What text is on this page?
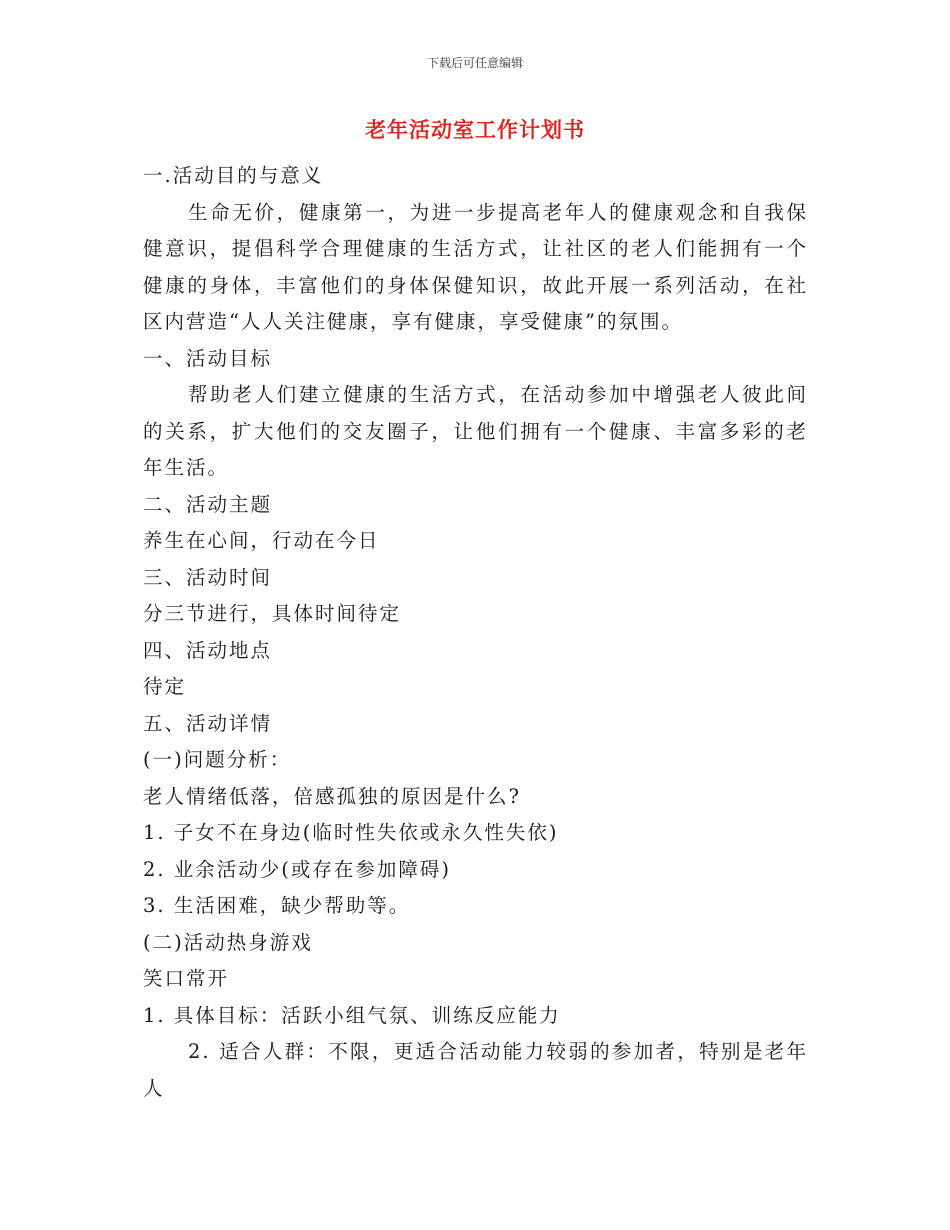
下载后可任意编辑
老年活动室工作计划书

一.活动目的与意义

生命无价，健康第一，为进一步提高老年人的健康观念和自我保健意识，提倡科学合理健康的生活方式，让社区的老人们能拥有一个健康的身体，丰富他们的身体保健知识，故此开展一系列活动，在社区内营造“人人关注健康，享有健康，享受健康”的氛围。

一、活动目标

帮助老人们建立健康的生活方式，在活动参加中增强老人彼此间的关系，扩大他们的交友圈子，让他们拥有一个健康、丰富多彩的老年生活。

二、活动主题

养生在心间，行动在今日

三、活动时间

分三节进行，具体时间待定

四、活动地点

待定

五、活动详情

(一)问题分析：

老人情绪低落，倍感孤独的原因是什么?

1. 子女不在身边(临时性失依或永久性失依)

2. 业余活动少(或存在参加障碍)

3. 生活困难，缺少帮助等。

(二)活动热身游戏

笑口常开

1. 具体目标：活跃小组气氛、训练反应能力

2. 适合人群：不限，更适合活动能力较弱的参加者，特别是老年人
